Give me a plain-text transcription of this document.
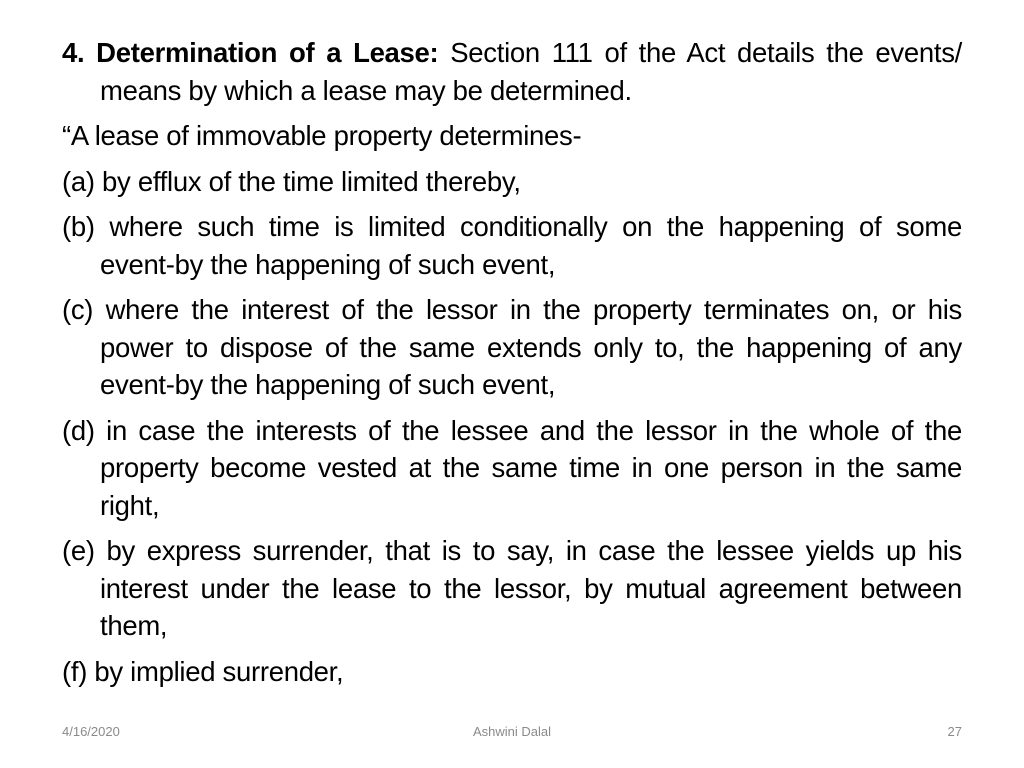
4. Determination of a Lease: Section 111 of the Act details the events/ means by which a lease may be determined.

“A lease of immovable property determines-

(a) by efflux of the time limited thereby,

(b) where such time is limited conditionally on the happening of some event-by the happening of such event,

(c) where the interest of the lessor in the property terminates on, or his power to dispose of the same extends only to, the happening of any event-by the happening of such event,

(d) in case the interests of the lessee and the lessor in the whole of the property become vested at the same time in one person in the same right,

(e) by express surrender, that is to say, in case the lessee yields up his interest under the lease to the lessor, by mutual agreement between them,

(f) by implied surrender,

4/16/2020	Ashwini Dalal	27
